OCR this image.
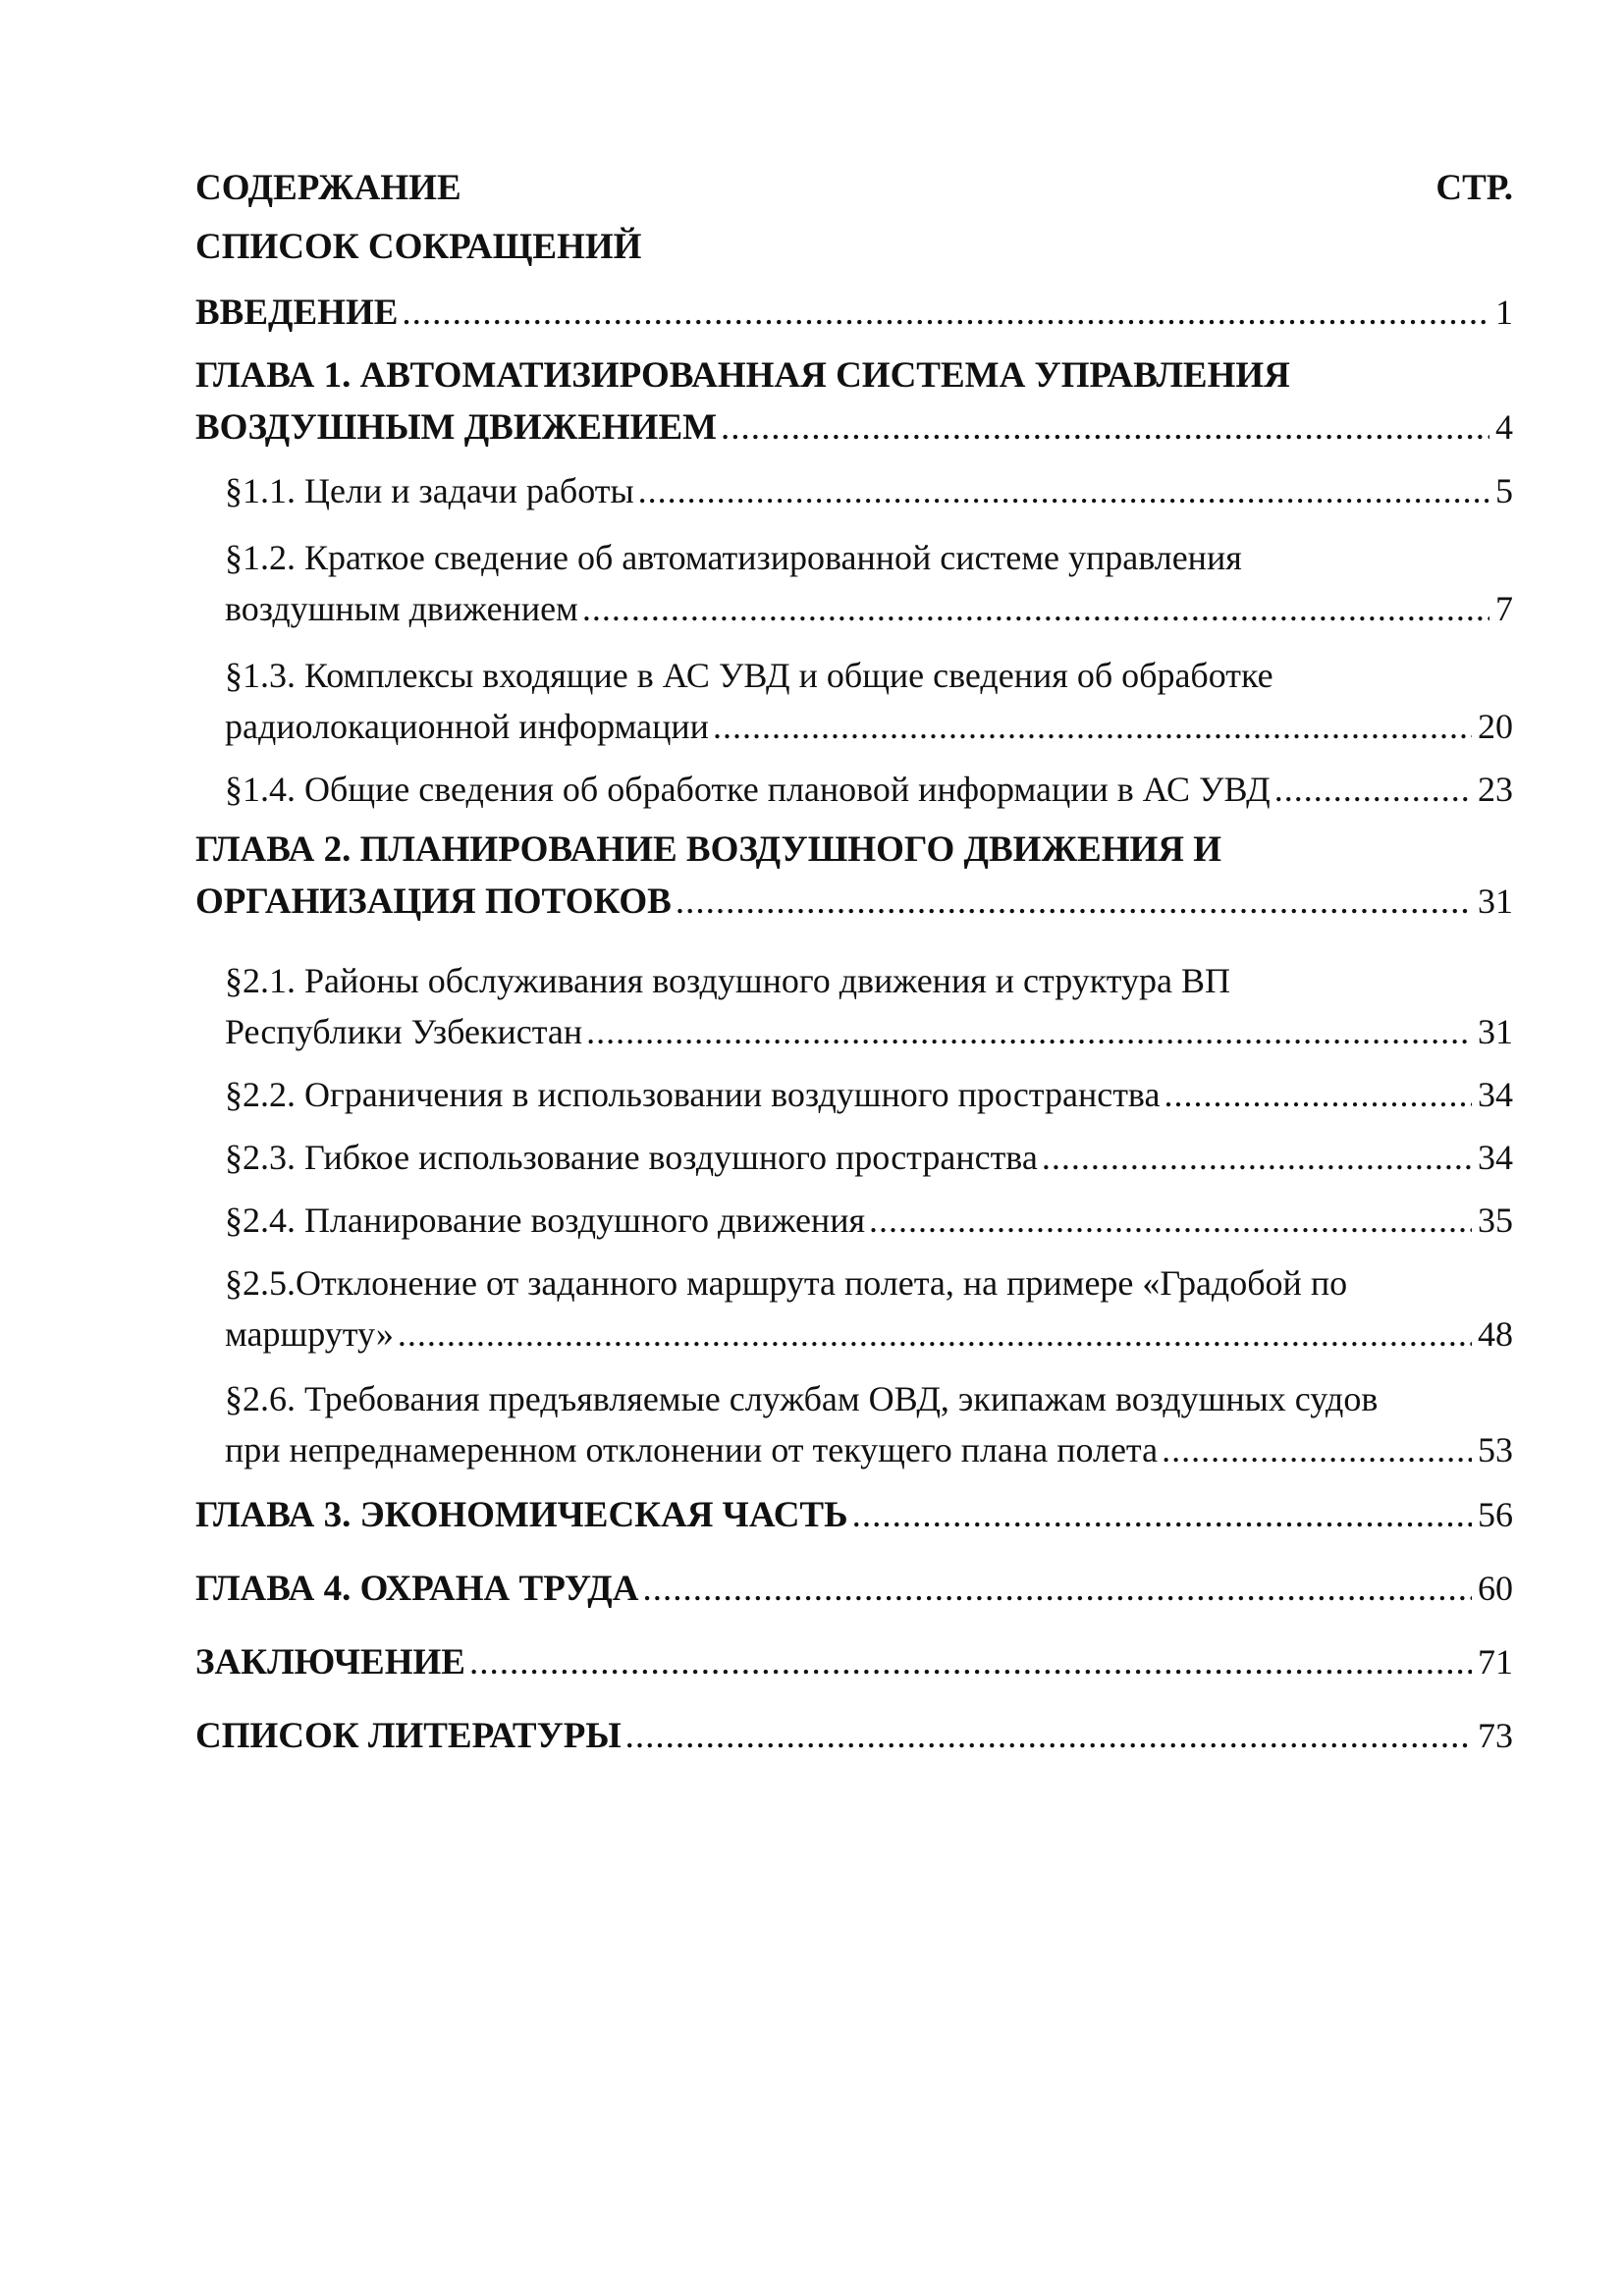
СОДЕРЖАНИЕ	СТР.
СПИСОК СОКРАЩЕНИЙ
ВВЕДЕНИЕ .....	1
ГЛАВА 1. АВТОМАТИЗИРОВАННАЯ СИСТЕМА УПРАВЛЕНИЯ
ВОЗДУШНЫМ ДВИЖЕНИЕМ .....	4
§1.1. Цели и задачи работы .....	5
§1.2. Краткое сведение об автоматизированной системе управления
воздушным движением .....	7
§1.3. Комплексы входящие в АС УВД и общие сведения об обработке
радиолокационной информации .....	20
§1.4. Общие сведения об обработке плановой информации в АС УВД .....	23
ГЛАВА 2. ПЛАНИРОВАНИЕ ВОЗДУШНОГО ДВИЖЕНИЯ И
ОРГАНИЗАЦИЯ ПОТОКОВ .....	31
§2.1. Районы обслуживания воздушного движения и структура ВП
Республики Узбекистан .....	31
§2.2. Ограничения в использовании воздушного пространства .....	34
§2.3. Гибкое использование воздушного пространства .....	34
§2.4. Планирование воздушного движения .....	35
§2.5.Отклонение от заданного маршрута полета, на примере «Градобой по
маршруту» .....	48
§2.6. Требования предъявляемые службам ОВД, экипажам воздушных судов
при непреднамеренном отклонении от текущего плана полета .....	53
ГЛАВА 3. ЭКОНОМИЧЕСКАЯ ЧАСТЬ .....	56
ГЛАВА 4. ОХРАНА ТРУДА .....	60
ЗАКЛЮЧЕНИЕ .....	71
СПИСОК ЛИТЕРАТУРЫ .....	73
